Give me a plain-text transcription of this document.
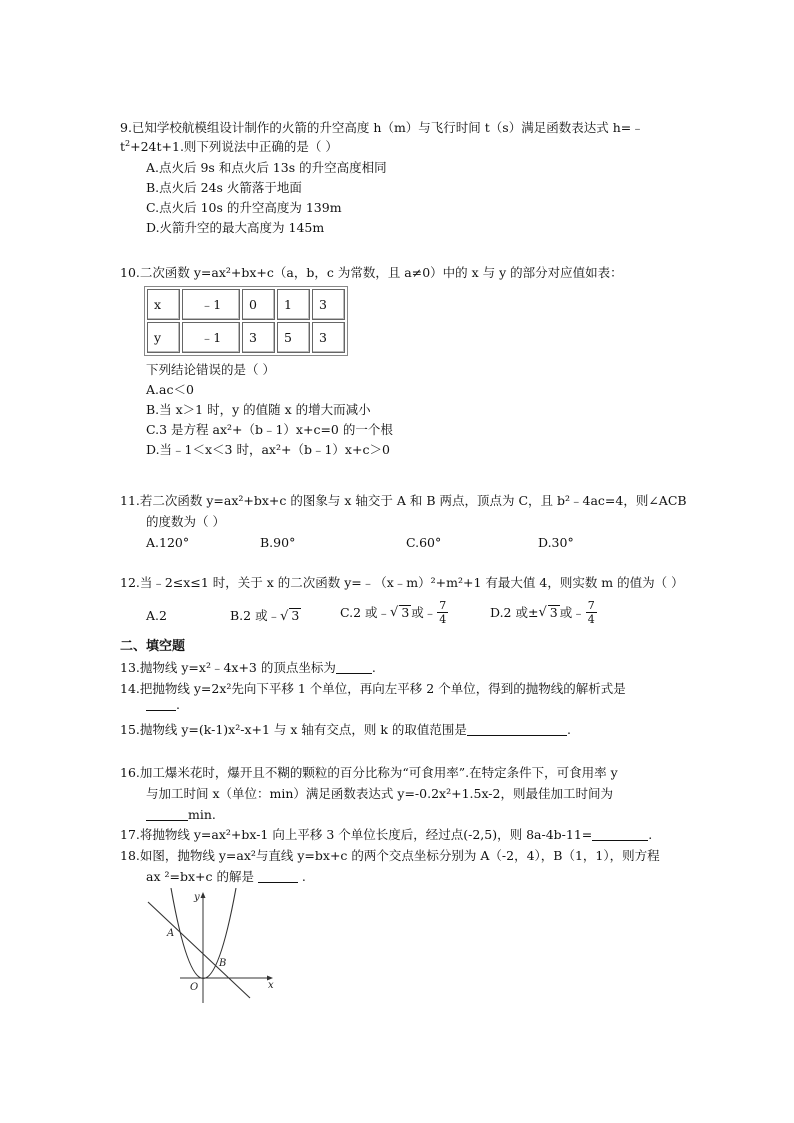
9.已知学校航模组设计制作的火箭的升空高度 h（m）与飞行时间 t（s）满足函数表达式 h=﹣
$t^2+24t+1$.则下列说法中正确的是（ ）
A.点火后 9s 和点火后 13s 的升空高度相同
B.点火后 24s 火箭落于地面
C.点火后 10s 的升空高度为 139m
D.火箭升空的最大高度为 145m
10.二次函数 y=ax²+bx+c（a，b，c 为常数，且 a≠0）中的 x 与 y 的部分对应值如表：
x	﹣1	0	1	3
y	﹣1	3	5	3
下列结论错误的是（ ）
A.ac＜0
B.当 x＞1 时，y 的值随 x 的增大而减小
C.3 是方程 ax²+（b﹣1）x+c=0 的一个根
D.当﹣1＜x＜3 时，ax²+（b﹣1）x+c＞0
11.若二次函数 y=ax²+bx+c 的图象与 x 轴交于 A 和 B 两点，顶点为 C，且 b²﹣4ac=4，则∠ACB
的度数为（ ）
A.120°	B.90°	C.60°	D.30°
12.当﹣2≤x≤1 时，关于 x 的二次函数 y=﹣（x﹣m）²+m²+1 有最大值 4，则实数 m 的值为（ ）
A.2	B.2 或﹣√ 3	C.2 或﹣√ 3 或﹣ $\frac{7}{4}$	D.2 或±√ 3 或﹣ $\frac{7}{4}$
二、填空题
13.抛物线 y=x²﹣4x+3 的顶点坐标为	.
14.把抛物线 y=2x²先向下平移 1 个单位，再向左平移 2 个单位，得到的抛物线的解析式是
.
15.抛物线 y=(k-1)x²-x+1 与 x 轴有交点，则 k 的取值范围是	.
16.加工爆米花时，爆开且不糊的颗粒的百分比称为“可食用率”.在特定条件下，可食用率 y
与加工时间 x（单位：min）满足函数表达式 y=-0.2x²+1.5x-2，则最佳加工时间为
min.
17.将抛物线 y=ax²+bx-1 向上平移 3 个单位长度后，经过点(-2,5)，则 8a-4b-11=	.
18.如图，抛物线 y=ax²与直线 y=bx+c 的两个交点坐标分别为 A（-2，4），B（1，1），则方程
ax ²=bx+c 的解是	.
y
x
O
A
B
